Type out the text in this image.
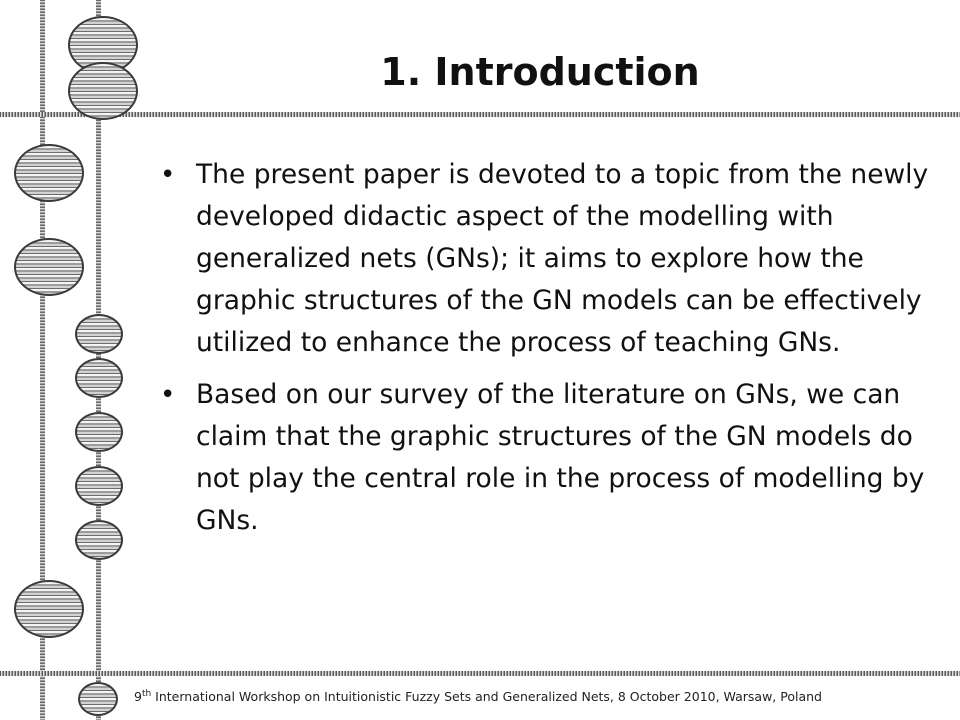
1. Introduction
• The present paper is devoted to a topic from the newly developed didactic aspect of the modelling with generalized nets (GNs); it aims to explore how the graphic structures of the GN models can be effectively utilized to enhance the process of teaching GNs.
• Based on our survey of the literature on GNs, we can claim that the graphic structures of the GN models do not play the central role in the process of modelling by GNs.
9th International Workshop on Intuitionistic Fuzzy Sets and Generalized Nets, 8 October 2010, Warsaw, Poland
